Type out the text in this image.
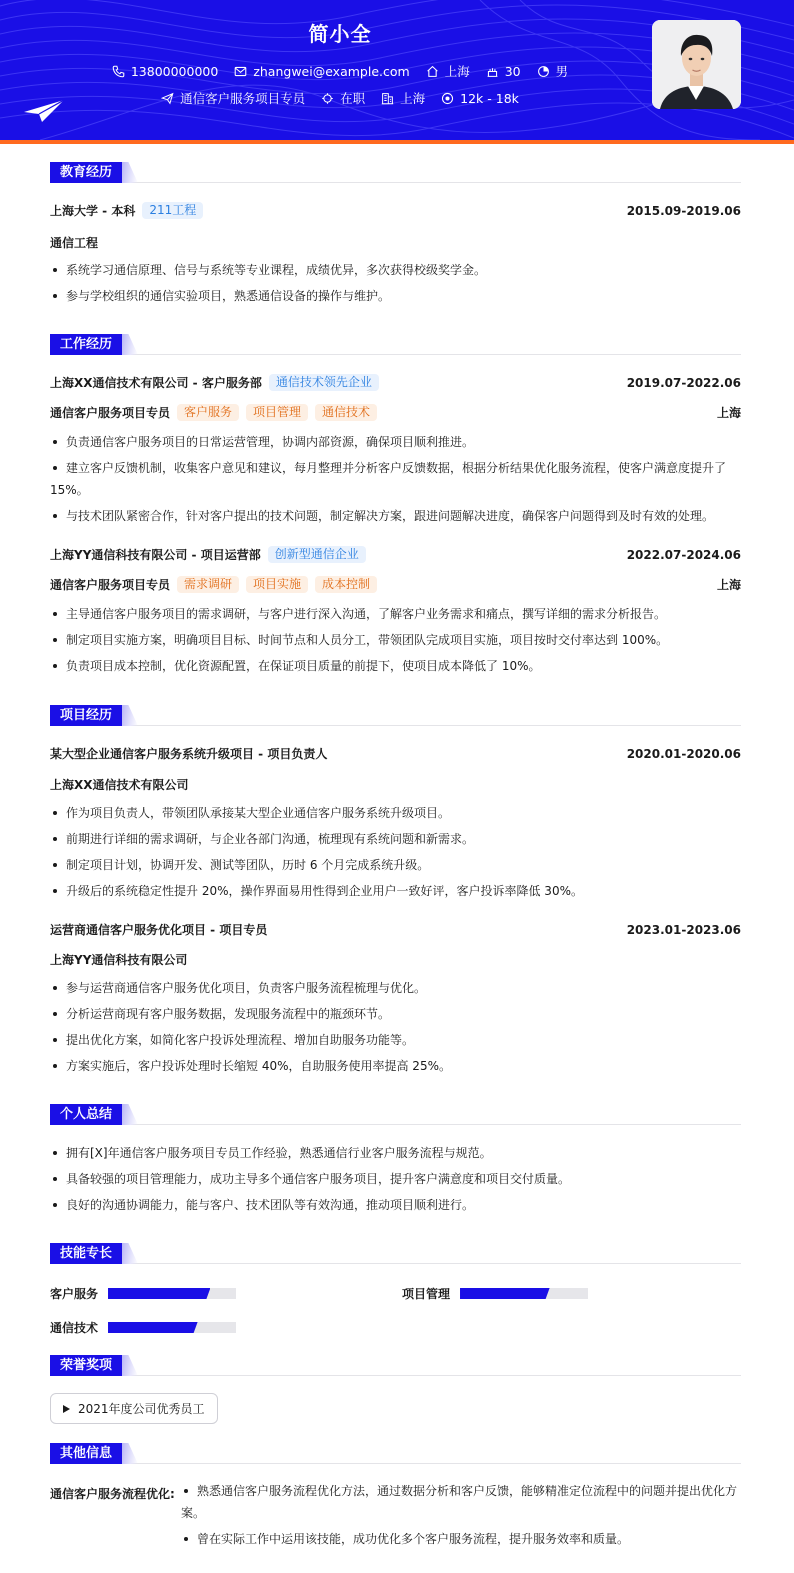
简小全
13800000000	zhangwei@example.com	上海	30	男
通信客户服务项目专员	在职	上海	12k - 18k
教育经历
上海大学 - 本科	211工程	2015.09-2019.06
通信工程
系统学习通信原理、信号与系统等专业课程，成绩优异，多次获得校级奖学金。
参与学校组织的通信实验项目，熟悉通信设备的操作与维护。
工作经历
上海XX通信技术有限公司 - 客户服务部	通信技术领先企业	2019.07-2022.06
通信客户服务项目专员	客户服务	项目管理	通信技术	上海
负责通信客户服务项目的日常运营管理，协调内部资源，确保项目顺利推进。
建立客户反馈机制，收集客户意见和建议，每月整理并分析客户反馈数据，根据分析结果优化服务流程，使客户满意度提升了
15%。
与技术团队紧密合作，针对客户提出的技术问题，制定解决方案，跟进问题解决进度，确保客户问题得到及时有效的处理。
上海YY通信科技有限公司 - 项目运营部	创新型通信企业	2022.07-2024.06
通信客户服务项目专员	需求调研	项目实施	成本控制	上海
主导通信客户服务项目的需求调研，与客户进行深入沟通，了解客户业务需求和痛点，撰写详细的需求分析报告。
制定项目实施方案，明确项目目标、时间节点和人员分工，带领团队完成项目实施，项目按时交付率达到 100%。
负责项目成本控制，优化资源配置，在保证项目质量的前提下，使项目成本降低了 10%。
项目经历
某大型企业通信客户服务系统升级项目 - 项目负责人	2020.01-2020.06
上海XX通信技术有限公司
作为项目负责人，带领团队承接某大型企业通信客户服务系统升级项目。
前期进行详细的需求调研，与企业各部门沟通，梳理现有系统问题和新需求。
制定项目计划，协调开发、测试等团队，历时 6 个月完成系统升级。
升级后的系统稳定性提升 20%，操作界面易用性得到企业用户一致好评，客户投诉率降低 30%。
运营商通信客户服务优化项目 - 项目专员	2023.01-2023.06
上海YY通信科技有限公司
参与运营商通信客户服务优化项目，负责客户服务流程梳理与优化。
分析运营商现有客户服务数据，发现服务流程中的瓶颈环节。
提出优化方案，如简化客户投诉处理流程、增加自助服务功能等。
方案实施后，客户投诉处理时长缩短 40%，自助服务使用率提高 25%。
个人总结
拥有[X]年通信客户服务项目专员工作经验，熟悉通信行业客户服务流程与规范。
具备较强的项目管理能力，成功主导多个通信客户服务项目，提升客户满意度和项目交付质量。
良好的沟通协调能力，能与客户、技术团队等有效沟通，推动项目顺利进行。
技能专长
客户服务	项目管理
通信技术
荣誉奖项
2021年度公司优秀员工
其他信息
通信客户服务流程优化:	熟悉通信客户服务流程优化方法，通过数据分析和客户反馈，能够精准定位流程中的问题并提出优化方
案。
曾在实际工作中运用该技能，成功优化多个客户服务流程，提升服务效率和质量。
